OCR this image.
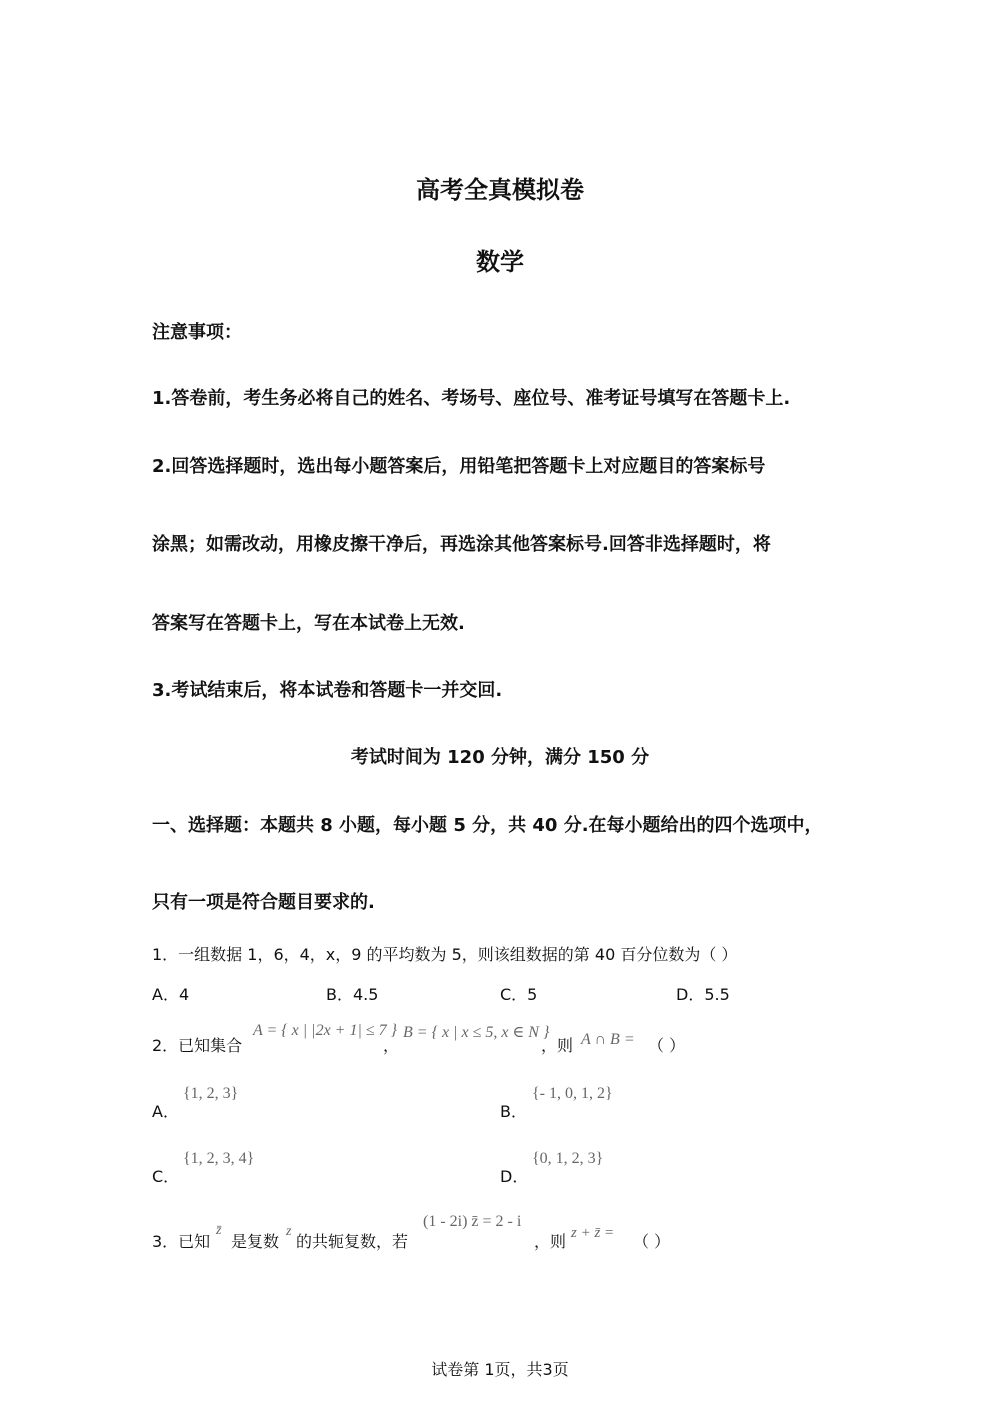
高考全真模拟卷
数学
注意事项：
1.答卷前，考生务必将自己的姓名、考场号、座位号、准考证号填写在答题卡上.
2.回答选择题时，选出每小题答案后，用铅笔把答题卡上对应题目的答案标号
涂黑；如需改动，用橡皮擦干净后，再选涂其他答案标号.回答非选择题时，将
答案写在答题卡上，写在本试卷上无效.
3.考试结束后，将本试卷和答题卡一并交回.
考试时间为 120 分钟，满分 150 分
一、选择题：本题共 8 小题，每小题 5 分，共 40 分.在每小题给出的四个选项中，
只有一项是符合题目要求的.
1．一组数据 1，6，4，x，9 的平均数为 5，则该组数据的第 40 百分位数为（ ）
A．4	B．4.5	C．5	D．5.5
2．已知集合
A = { x | |2x + 1| ≤ 7 }
，
B = { x | x ≤ 5, x ∈ N }
，则 A ∩ B = （ ）
A．
{1, 2, 3}
B．
{- 1, 0, 1, 2}
C．
{1, 2, 3, 4}
D．
{0, 1, 2, 3}
3．已知
z̄
是复数
z
的共轭复数，若
(1 - 2i) z̄ = 2 - i
，则 z + z̄ = （ ）
试卷第 1页，共3页
